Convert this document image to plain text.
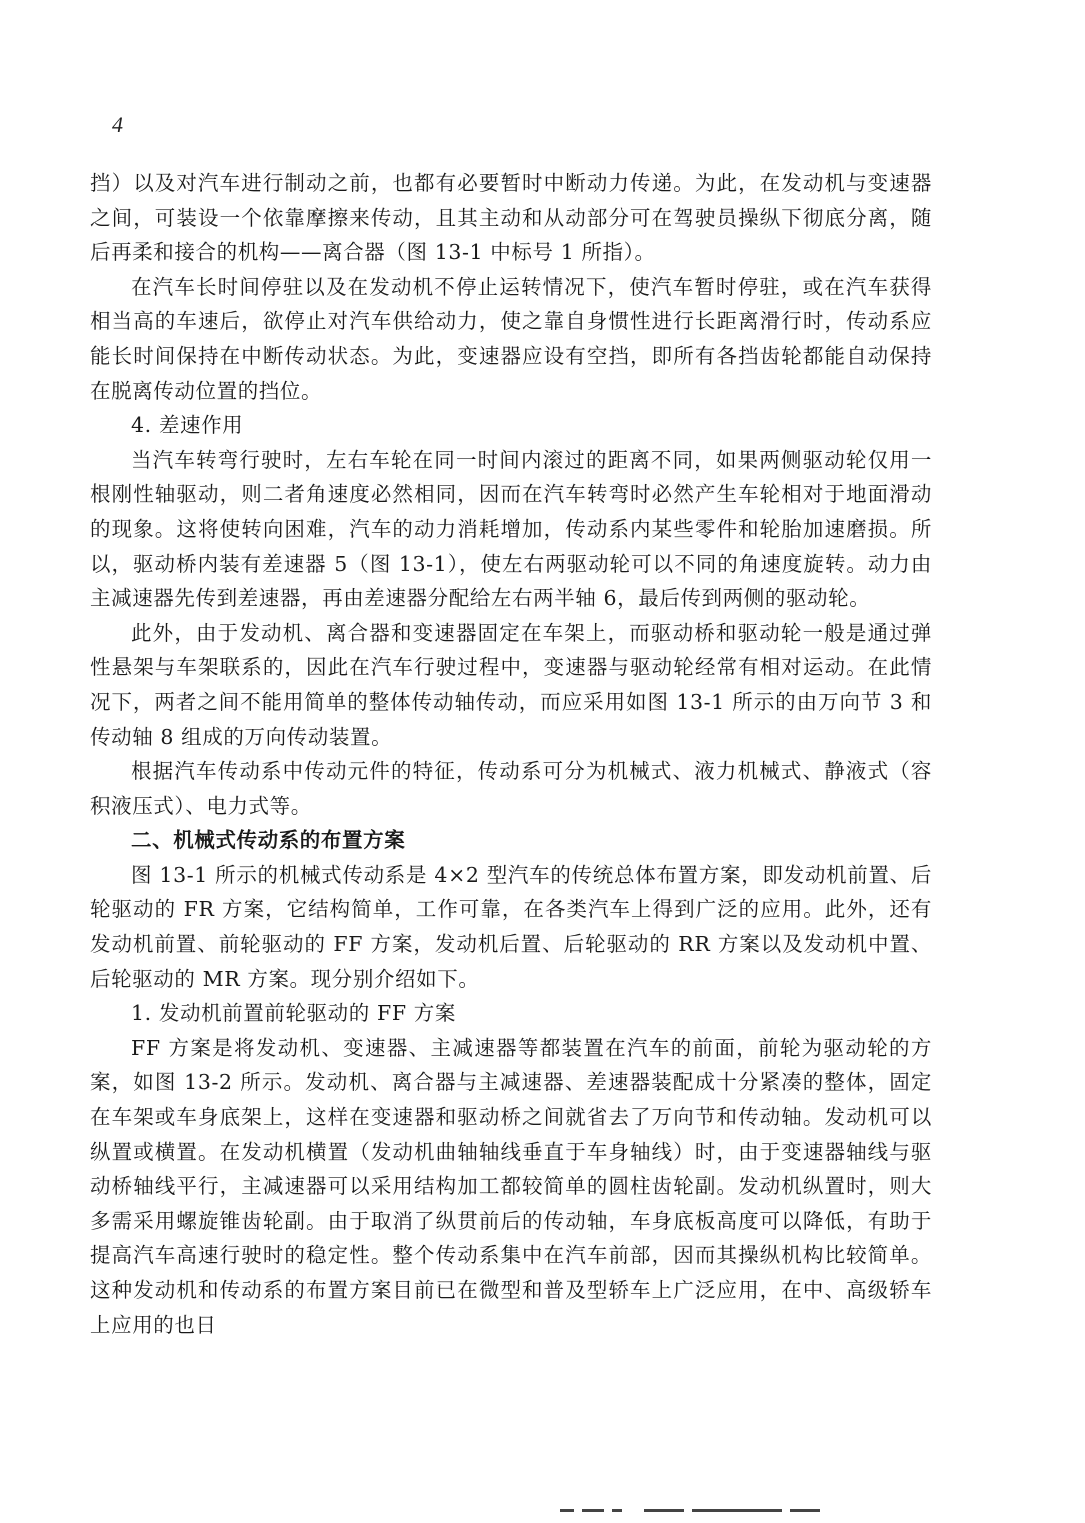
4

挡）以及对汽车进行制动之前，也都有必要暂时中断动力传递。为此，在发动机与变速器之间，可装设一个依靠摩擦来传动，且其主动和从动部分可在驾驶员操纵下彻底分离，随后再柔和接合的机构——离合器（图 13-1 中标号 1 所指）。

在汽车长时间停驻以及在发动机不停止运转情况下，使汽车暂时停驻，或在汽车获得相当高的车速后，欲停止对汽车供给动力，使之靠自身惯性进行长距离滑行时，传动系应能长时间保持在中断传动状态。为此，变速器应设有空挡，即所有各挡齿轮都能自动保持在脱离传动位置的挡位。

4. 差速作用

当汽车转弯行驶时，左右车轮在同一时间内滚过的距离不同，如果两侧驱动轮仅用一根刚性轴驱动，则二者角速度必然相同，因而在汽车转弯时必然产生车轮相对于地面滑动的现象。这将使转向困难，汽车的动力消耗增加，传动系内某些零件和轮胎加速磨损。所以，驱动桥内装有差速器 5（图 13-1），使左右两驱动轮可以不同的角速度旋转。动力由主减速器先传到差速器，再由差速器分配给左右两半轴 6，最后传到两侧的驱动轮。

此外，由于发动机、离合器和变速器固定在车架上，而驱动桥和驱动轮一般是通过弹性悬架与车架联系的，因此在汽车行驶过程中，变速器与驱动轮经常有相对运动。在此情况下，两者之间不能用简单的整体传动轴传动，而应采用如图 13-1 所示的由万向节 3 和传动轴 8 组成的万向传动装置。

根据汽车传动系中传动元件的特征，传动系可分为机械式、液力机械式、静液式（容积液压式）、电力式等。

二、机械式传动系的布置方案

图 13-1 所示的机械式传动系是 4×2 型汽车的传统总体布置方案，即发动机前置、后轮驱动的 FR 方案，它结构简单，工作可靠，在各类汽车上得到广泛的应用。此外，还有发动机前置、前轮驱动的 FF 方案，发动机后置、后轮驱动的 RR 方案以及发动机中置、后轮驱动的 MR 方案。现分别介绍如下。

1. 发动机前置前轮驱动的 FF 方案

FF 方案是将发动机、变速器、主减速器等都装置在汽车的前面，前轮为驱动轮的方案，如图 13-2 所示。发动机、离合器与主减速器、差速器装配成十分紧凑的整体，固定在车架或车身底架上，这样在变速器和驱动桥之间就省去了万向节和传动轴。发动机可以纵置或横置。在发动机横置（发动机曲轴轴线垂直于车身轴线）时，由于变速器轴线与驱动桥轴线平行，主减速器可以采用结构加工都较简单的圆柱齿轮副。发动机纵置时，则大多需采用螺旋锥齿轮副。由于取消了纵贯前后的传动轴，车身底板高度可以降低，有助于提高汽车高速行驶时的稳定性。整个传动系集中在汽车前部，因而其操纵机构比较简单。这种发动机和传动系的布置方案目前已在微型和普及型轿车上广泛应用，在中、高级轿车上应用的也日
